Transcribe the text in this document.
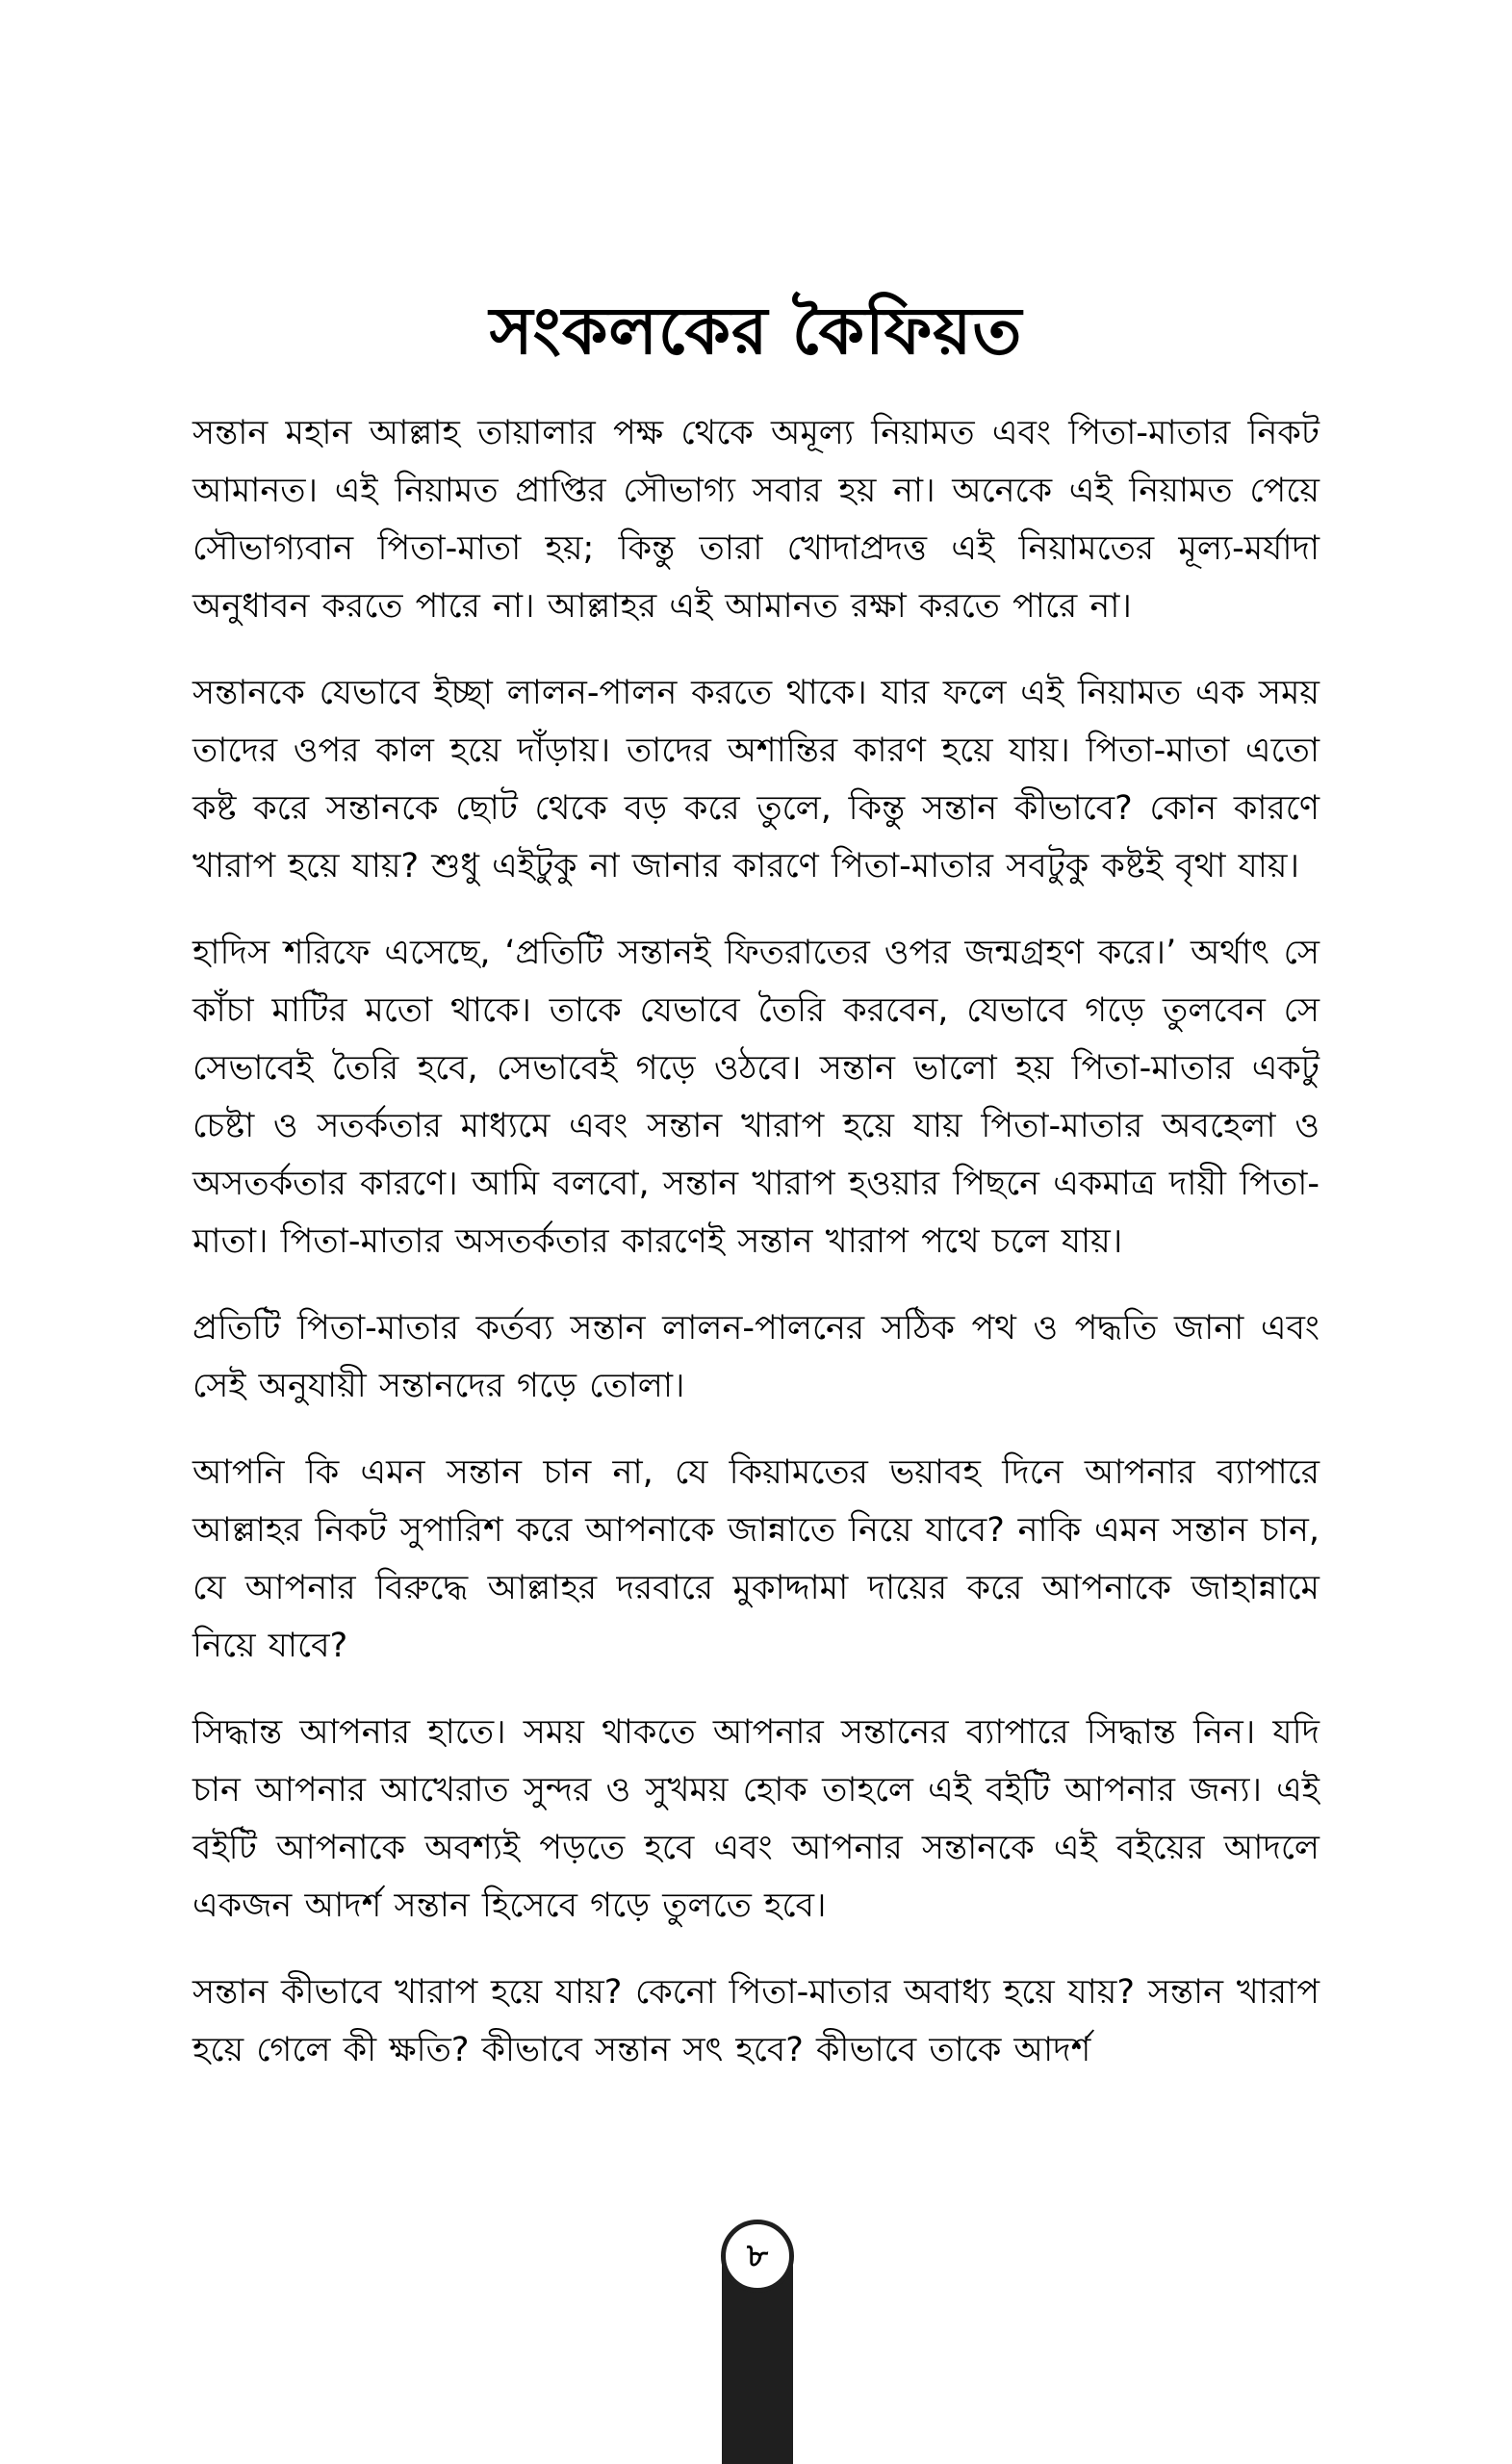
সংকলকের কৈফিয়ত

সন্তান মহান আল্লাহ তায়ালার পক্ষ থেকে অমূল্য নিয়ামত এবং পিতা-মাতার নিকট আমানত। এই নিয়ামত প্রাপ্তির সৌভাগ্য সবার হয় না। অনেকে এই নিয়ামত পেয়ে সৌভাগ্যবান পিতা-মাতা হয়; কিন্তু তারা খোদাপ্রদত্ত এই নিয়ামতের মূল্য-মর্যাদা অনুধাবন করতে পারে না। আল্লাহর এই আমানত রক্ষা করতে পারে না।

সন্তানকে যেভাবে ইচ্ছা লালন-পালন করতে থাকে। যার ফলে এই নিয়ামত এক সময় তাদের ওপর কাল হয়ে দাঁড়ায়। তাদের অশান্তির কারণ হয়ে যায়। পিতা-মাতা এতো কষ্ট করে সন্তানকে ছোট থেকে বড় করে তুলে, কিন্তু সন্তান কীভাবে? কোন কারণে খারাপ হয়ে যায়? শুধু এইটুকু না জানার কারণে পিতা-মাতার সবটুকু কষ্টই বৃথা যায়।

হাদিস শরিফে এসেছে, ‘প্রতিটি সন্তানই ফিতরাতের ওপর জন্মগ্রহণ করে।’ অর্থাৎ সে কাঁচা মাটির মতো থাকে। তাকে যেভাবে তৈরি করবেন, যেভাবে গড়ে তুলবেন সে সেভাবেই তৈরি হবে, সেভাবেই গড়ে ওঠবে। সন্তান ভালো হয় পিতা-মাতার একটু চেষ্টা ও সতর্কতার মাধ্যমে এবং সন্তান খারাপ হয়ে যায় পিতা-মাতার অবহেলা ও অসতর্কতার কারণে। আমি বলবো, সন্তান খারাপ হওয়ার পিছনে একমাত্র দায়ী পিতা-মাতা। পিতা-মাতার অসতর্কতার কারণেই সন্তান খারাপ পথে চলে যায়।

প্রতিটি পিতা-মাতার কর্তব্য সন্তান লালন-পালনের সঠিক পথ ও পদ্ধতি জানা এবং সেই অনুযায়ী সন্তানদের গড়ে তোলা।

আপনি কি এমন সন্তান চান না, যে কিয়ামতের ভয়াবহ দিনে আপনার ব্যাপারে আল্লাহর নিকট সুপারিশ করে আপনাকে জান্নাতে নিয়ে যাবে? নাকি এমন সন্তান চান, যে আপনার বিরুদ্ধে আল্লাহর দরবারে মুকাদ্দামা দায়ের করে আপনাকে জাহান্নামে নিয়ে যাবে?

সিদ্ধান্ত আপনার হাতে। সময় থাকতে আপনার সন্তানের ব্যাপারে সিদ্ধান্ত নিন। যদি চান আপনার আখেরাত সুন্দর ও সুখময় হোক তাহলে এই বইটি আপনার জন্য। এই বইটি আপনাকে অবশ্যই পড়তে হবে এবং আপনার সন্তানকে এই বইয়ের আদলে একজন আদর্শ সন্তান হিসেবে গড়ে তুলতে হবে।

সন্তান কীভাবে খারাপ হয়ে যায়? কেনো পিতা-মাতার অবাধ্য হয়ে যায়? সন্তান খারাপ হয়ে গেলে কী ক্ষতি? কীভাবে সন্তান সৎ হবে? কীভাবে তাকে আদর্শ

৮
